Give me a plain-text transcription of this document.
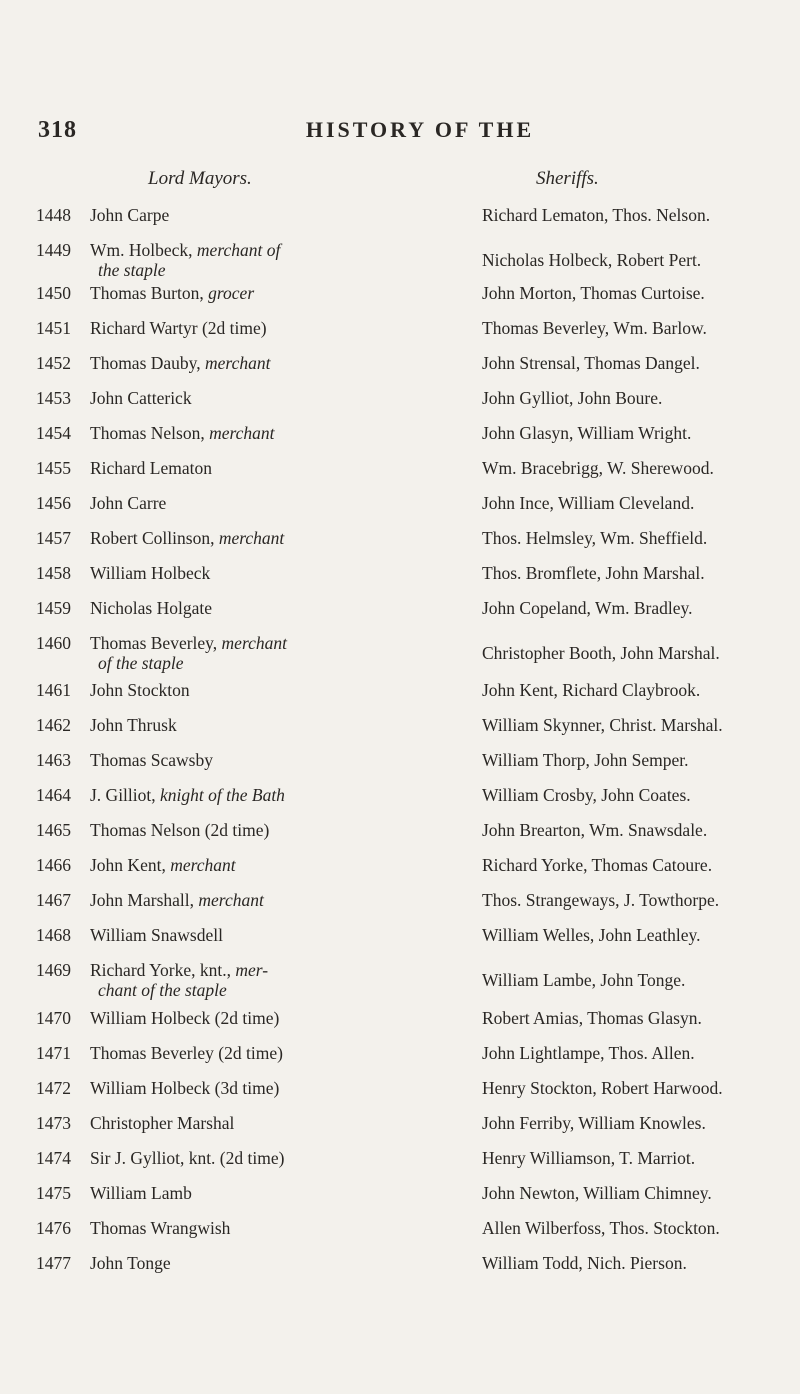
318	HISTORY OF THE
Lord Mayors.	Sheriffs.
1448	John Carpe	Richard Lematon, Thos. Nelson.
1449	Wm. Holbeck, merchant of
the staple	Nicholas Holbeck, Robert Pert.
1450	Thomas Burton, grocer	John Morton, Thomas Curtoise.
1451	Richard Wartyr (2d time)	Thomas Beverley, Wm. Barlow.
1452	Thomas Dauby, merchant	John Strensal, Thomas Dangel.
1453	John Catterick	John Gylliot, John Boure.
1454	Thomas Nelson, merchant	John Glasyn, William Wright.
1455	Richard Lematon	Wm. Bracebrigg, W. Sherewood.
1456	John Carre	John Ince, William Cleveland.
1457	Robert Collinson, merchant	Thos. Helmsley, Wm. Sheffield.
1458	William Holbeck	Thos. Bromflete, John Marshal.
1459	Nicholas Holgate	John Copeland, Wm. Bradley.
1460	Thomas Beverley, merchant
of the staple	Christopher Booth, John Marshal.
1461	John Stockton	John Kent, Richard Claybrook.
1462	John Thrusk	William Skynner, Christ. Marshal.
1463	Thomas Scawsby	William Thorp, John Semper.
1464	J. Gilliot, knight of the Bath	William Crosby, John Coates.
1465	Thomas Nelson (2d time)	John Brearton, Wm. Snawsdale.
1466	John Kent, merchant	Richard Yorke, Thomas Catoure.
1467	John Marshall, merchant	Thos. Strangeways, J. Towthorpe.
1468	William Snawsdell	William Welles, John Leathley.
1469	Richard Yorke, knt., mer-
chant of the staple	William Lambe, John Tonge.
1470	William Holbeck (2d time)	Robert Amias, Thomas Glasyn.
1471	Thomas Beverley (2d time)	John Lightlampe, Thos. Allen.
1472	William Holbeck (3d time)	Henry Stockton, Robert Harwood.
1473	Christopher Marshal	John Ferriby, William Knowles.
1474	Sir J. Gylliot, knt. (2d time)	Henry Williamson, T. Marriot.
1475	William Lamb	John Newton, William Chimney.
1476	Thomas Wrangwish	Allen Wilberfoss, Thos. Stockton.
1477	John Tonge	William Todd, Nich. Pierson.
